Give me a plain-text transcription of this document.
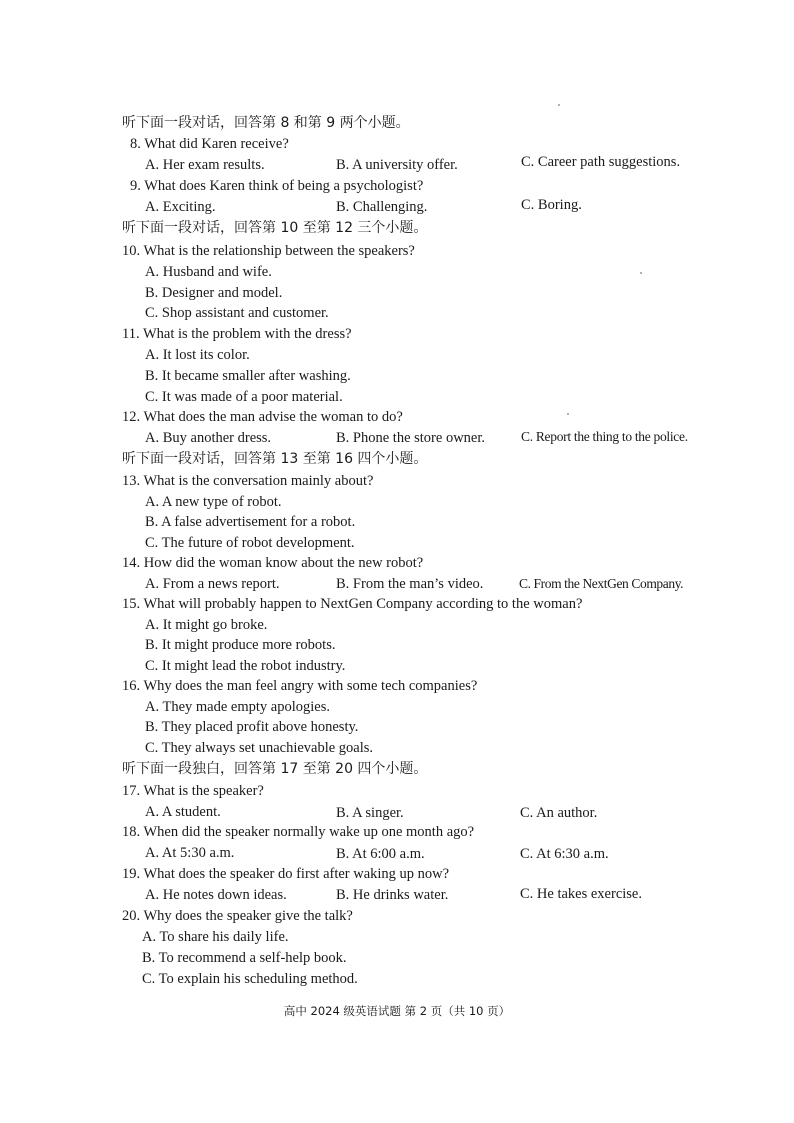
听下面一段对话，回答第 8 和第 9 两个小题。
8. What did Karen receive?
A. Her exam results.	B. A university offer.	C. Career path suggestions.
9. What does Karen think of being a psychologist?
A. Exciting.	B. Challenging.	C. Boring.
听下面一段对话，回答第 10 至第 12 三个小题。
10. What is the relationship between the speakers?
A. Husband and wife.
B. Designer and model.
C. Shop assistant and customer.
11. What is the problem with the dress?
A. It lost its color.
B. It became smaller after washing.
C. It was made of a poor material.
12. What does the man advise the woman to do?
A. Buy another dress.	B. Phone the store owner.	C. Report the thing to the police.
听下面一段对话，回答第 13 至第 16 四个小题。
13. What is the conversation mainly about?
A. A new type of robot.
B. A false advertisement for a robot.
C. The future of robot development.
14. How did the woman know about the new robot?
A. From a news report.	B. From the man’s video.	C. From the NextGen Company.
15. What will probably happen to NextGen Company according to the woman?
A. It might go broke.
B. It might produce more robots.
C. It might lead the robot industry.
16. Why does the man feel angry with some tech companies?
A. They made empty apologies.
B. They placed profit above honesty.
C. They always set unachievable goals.
听下面一段独白，回答第 17 至第 20 四个小题。
17. What is the speaker?
A. A student.	B. A singer.	C. An author.
18. When did the speaker normally wake up one month ago?
A. At 5:30 a.m.	B. At 6:00 a.m.	C. At 6:30 a.m.
19. What does the speaker do first after waking up now?
A. He notes down ideas.	B. He drinks water.	C. He takes exercise.
20. Why does the speaker give the talk?
A. To share his daily life.
B. To recommend a self-help book.
C. To explain his scheduling method.
高中 2024 级英语试题 第 2 页（共 10 页）
